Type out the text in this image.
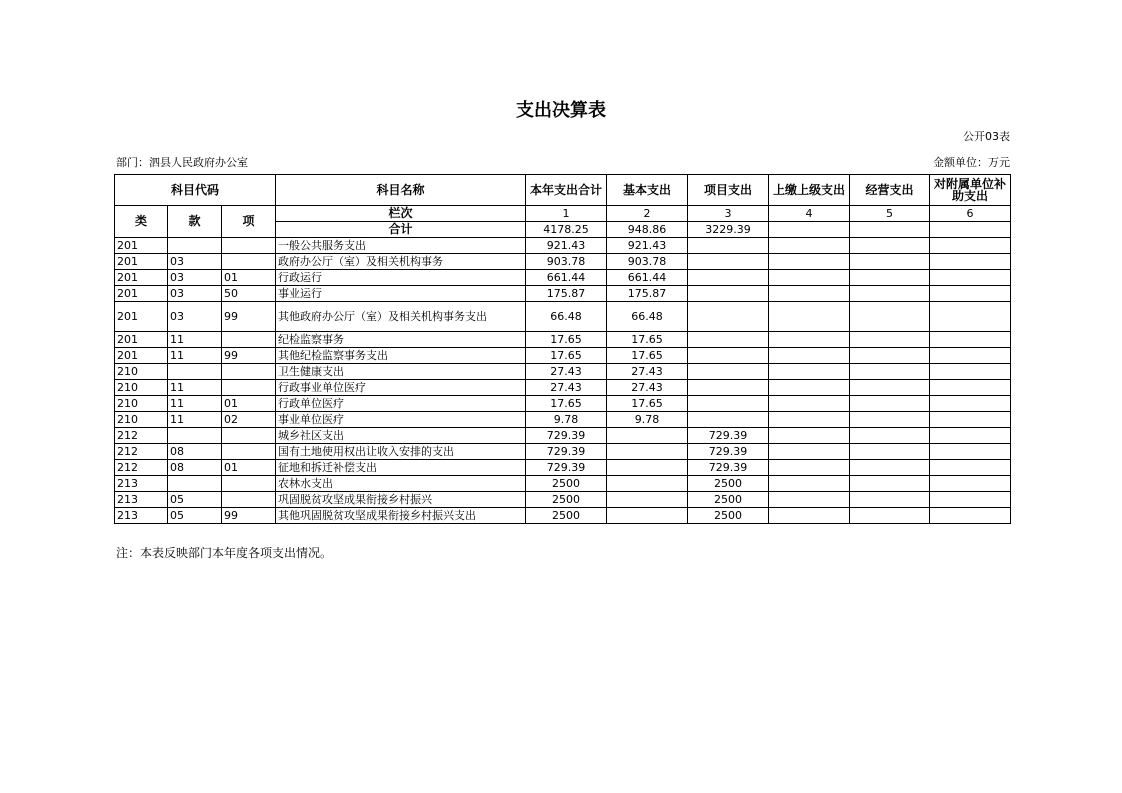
支出决算表
公开03表
部门：泗县人民政府办公室	金额单位：万元
科目代码			科目名称	本年支出合计	基本支出	项目支出	上缴上级支出	经营支出	对附属单位补助支出
类	款	项	栏次	1	2	3	4	5	6
			合计	4178.25	948.86	3229.39			
201			一般公共服务支出	921.43	921.43				
201	03		政府办公厅（室）及相关机构事务	903.78	903.78				
201	03	01	行政运行	661.44	661.44				
201	03	50	事业运行	175.87	175.87				
201	03	99	其他政府办公厅（室）及相关机构事务支出	66.48	66.48				
201	11		纪检监察事务	17.65	17.65				
201	11	99	其他纪检监察事务支出	17.65	17.65				
210			卫生健康支出	27.43	27.43				
210	11		行政事业单位医疗	27.43	27.43				
210	11	01	行政单位医疗	17.65	17.65				
210	11	02	事业单位医疗	9.78	9.78				
212			城乡社区支出	729.39		729.39			
212	08		国有土地使用权出让收入安排的支出	729.39		729.39			
212	08	01	征地和拆迁补偿支出	729.39		729.39			
213			农林水支出	2500		2500			
213	05		巩固脱贫攻坚成果衔接乡村振兴	2500		2500			
213	05	99	其他巩固脱贫攻坚成果衔接乡村振兴支出	2500		2500			
注：本表反映部门本年度各项支出情况。
